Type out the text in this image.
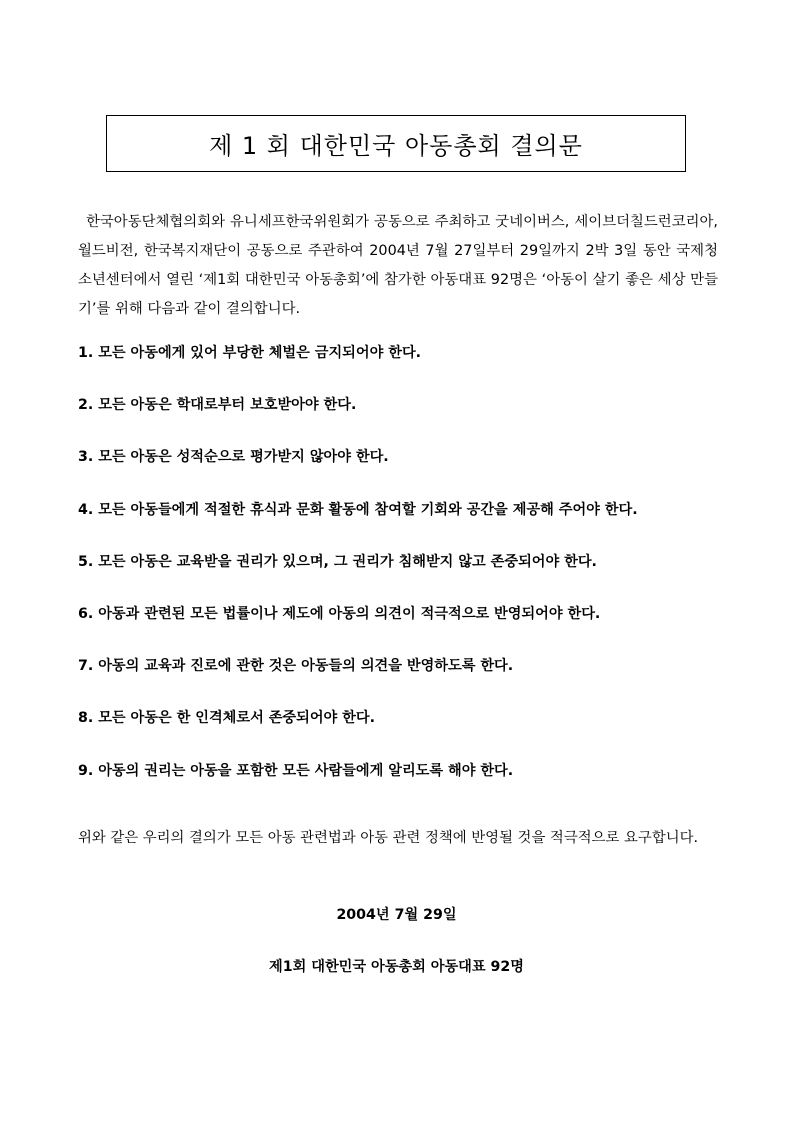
제 1 회 대한민국 아동총회 결의문

한국아동단체협의회와 유니세프한국위원회가 공동으로 주최하고 굿네이버스, 세이브더칠드런코리아, 월드비전, 한국복지재단이 공동으로 주관하여 2004년 7월 27일부터 29일까지 2박 3일 동안 국제청소년센터에서 열린 ‘제1회 대한민국 아동총회’에 참가한 아동대표 92명은 ‘아동이 살기 좋은 세상 만들기’를 위해 다음과 같이 결의합니다.

1. 모든 아동에게 있어 부당한 체벌은 금지되어야 한다.
2. 모든 아동은 학대로부터 보호받아야 한다.
3. 모든 아동은 성적순으로 평가받지 않아야 한다.
4. 모든 아동들에게 적절한 휴식과 문화 활동에 참여할 기회와 공간을 제공해 주어야 한다.
5. 모든 아동은 교육받을 권리가 있으며, 그 권리가 침해받지 않고 존중되어야 한다.
6. 아동과 관련된 모든 법률이나 제도에 아동의 의견이 적극적으로 반영되어야 한다.
7. 아동의 교육과 진로에 관한 것은 아동들의 의견을 반영하도록 한다.
8. 모든 아동은 한 인격체로서 존중되어야 한다.
9. 아동의 권리는 아동을 포함한 모든 사람들에게 알리도록 해야 한다.

위와 같은 우리의 결의가 모든 아동 관련법과 아동 관련 정책에 반영될 것을 적극적으로 요구합니다.

2004년 7월 29일
제1회 대한민국 아동총회 아동대표 92명
